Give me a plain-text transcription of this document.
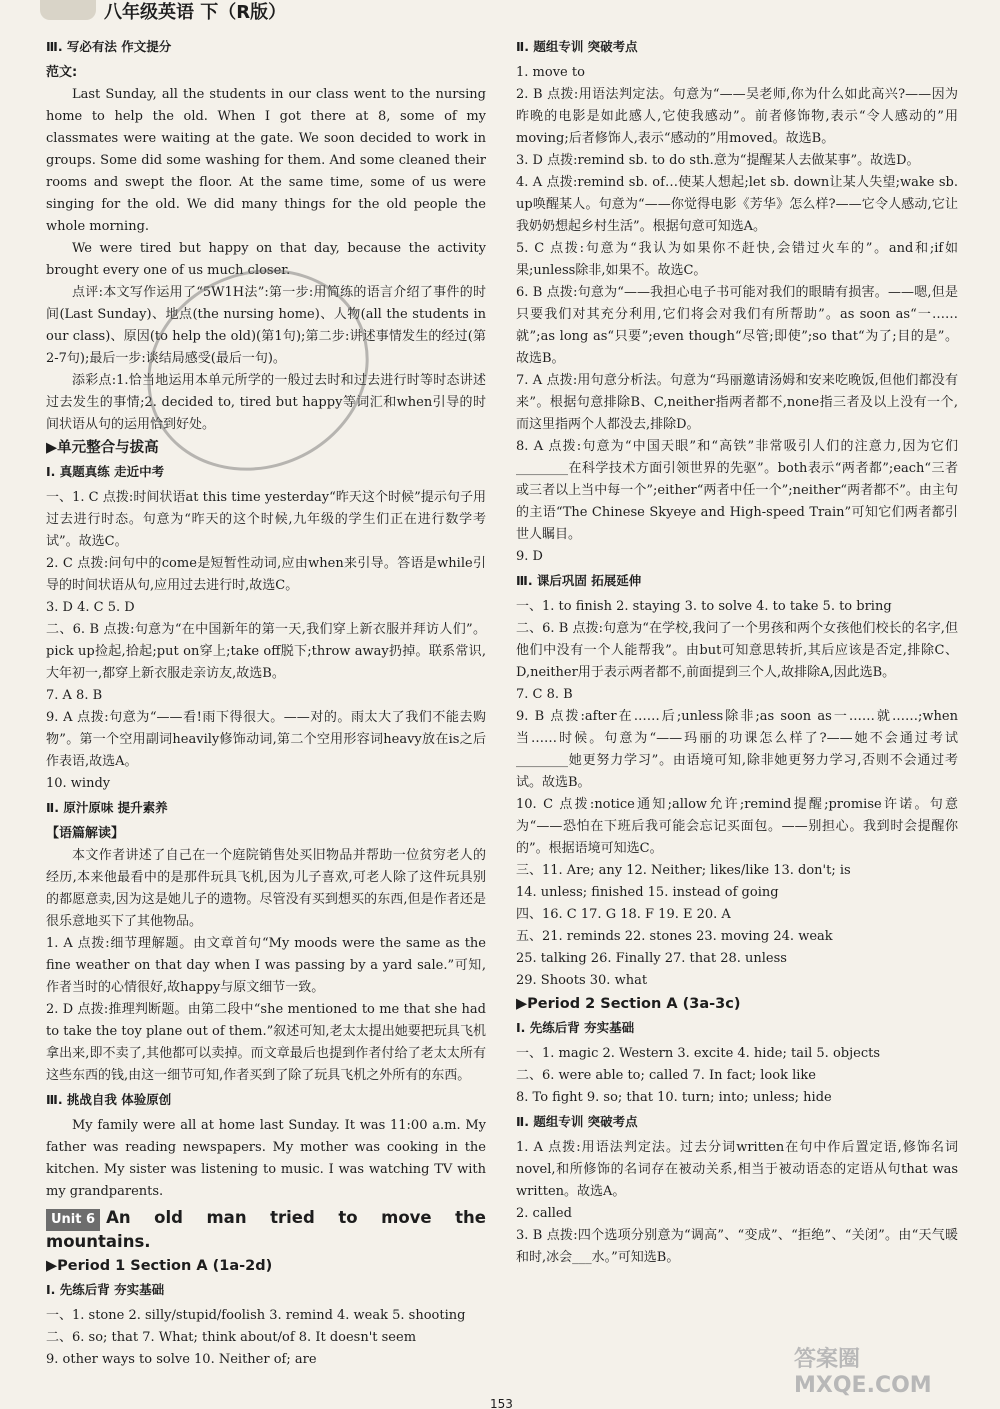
八年级英语 下（R版）

Ⅲ. 写必有法 作文提分

范文:

Last Sunday, all the students in our class went to the nursing home to help the old. When I got there at 8, some of my classmates were waiting at the gate. We soon decided to work in groups. Some did some washing for them. And some cleaned their rooms and swept the floor. At the same time, some of us were singing for the old. We did many things for the old people the whole morning.

We were tired but happy on that day, because the activity brought every one of us much closer.

点评:本文写作运用了“5W1H法”:第一步:用简练的语言介绍了事件的时间(Last Sunday)、地点(the nursing home)、人物(all the students in our class)、原因(to help the old)(第1句);第二步:讲述事情发生的经过(第2-7句);最后一步:谈结局感受(最后一句)。

添彩点:1.恰当地运用本单元所学的一般过去时和过去进行时等时态讲述过去发生的事情;2. decided to, tired but happy等词汇和when引导的时间状语从句的运用恰到好处。

▶单元整合与拔高

Ⅰ. 真题真练 走近中考

一、1. C 点拨:时间状语at this time yesterday“昨天这个时候”提示句子用过去进行时态。句意为“昨天的这个时候,九年级的学生们正在进行数学考试”。故选C。

2. C 点拨:问句中的come是短暂性动词,应由when来引导。答语是while引导的时间状语从句,应用过去进行时,故选C。

3. D 4. C 5. D

二、6. B 点拨:句意为“在中国新年的第一天,我们穿上新衣服并拜访人们”。pick up捡起,拾起;put on穿上;take off脱下;throw away扔掉。联系常识,大年初一,都穿上新衣服走亲访友,故选B。

7. A 8. B

9. A 点拨:句意为“——看!雨下得很大。——对的。雨太大了我们不能去购物”。第一个空用副词heavily修饰动词,第二个空用形容词heavy放在is之后作表语,故选A。

10. windy

Ⅱ. 原汁原味 提升素养

【语篇解读】

本文作者讲述了自己在一个庭院销售处买旧物品并帮助一位贫穷老人的经历,本来他最看中的是那件玩具飞机,因为儿子喜欢,可老人除了这件玩具别的都愿意卖,因为这是她儿子的遗物。尽管没有买到想买的东西,但是作者还是很乐意地买下了其他物品。

1. A 点拨:细节理解题。由文章首句“My moods were the same as the fine weather on that day when I was passing by a yard sale.”可知,作者当时的心情很好,故happy与原文细节一致。

2. D 点拨:推理判断题。由第二段中“she mentioned to me that she had to take the toy plane out of them.”叙述可知,老太太提出她要把玩具飞机拿出来,即不卖了,其他都可以卖掉。而文章最后也提到作者付给了老太太所有这些东西的钱,由这一细节可知,作者买到了除了玩具飞机之外所有的东西。

Ⅲ. 挑战自我 体验原创

My family were all at home last Sunday. It was 11:00 a.m. My father was reading newspapers. My mother was cooking in the kitchen. My sister was listening to music. I was watching TV with my grandparents.

Unit 6 An old man tried to move the mountains.

▶Period 1 Section A (1a-2d)

Ⅰ. 先练后背 夯实基础

一、1. stone 2. silly/stupid/foolish 3. remind 4. weak 5. shooting

二、6. so; that 7. What; think about/of 8. It doesn't seem

9. other ways to solve 10. Neither of; are

Ⅱ. 题组专训 突破考点

1. move to

2. B 点拨:用语法判定法。句意为“——吴老师,你为什么如此高兴?——因为昨晚的电影是如此感人,它使我感动”。前者修饰物,表示“令人感动的”用moving;后者修饰人,表示“感动的”用moved。故选B。

3. D 点拨:remind sb. to do sth.意为“提醒某人去做某事”。故选D。

4. A 点拨:remind sb. of…使某人想起;let sb. down让某人失望;wake sb. up唤醒某人。句意为“——你觉得电影《芳华》怎么样?——它令人感动,它让我奶奶想起乡村生活”。根据句意可知选A。

5. C 点拨:句意为“我认为如果你不赶快,会错过火车的”。and和;if如果;unless除非,如果不。故选C。

6. B 点拨:句意为“——我担心电子书可能对我们的眼睛有损害。——嗯,但是只要我们对其充分利用,它们将会对我们有所帮助”。as soon as“一……就”;as long as“只要”;even though“尽管;即使”;so that“为了;目的是”。故选B。

7. A 点拨:用句意分析法。句意为“玛丽邀请汤姆和安来吃晚饭,但他们都没有来”。根据句意排除B、C,neither指两者都不,none指三者及以上没有一个,而这里指两个人都没去,排除D。

8. A 点拨:句意为“中国天眼”和“高铁”非常吸引人们的注意力,因为它们________在科学技术方面引领世界的先驱”。both表示“两者都”;each“三者或三者以上当中每一个”;either“两者中任一个”;neither“两者都不”。由主句的主语“The Chinese Skyeye and High-speed Train”可知它们两者都引世人瞩目。

9. D

Ⅲ. 课后巩固 拓展延伸

一、1. to finish 2. staying 3. to solve 4. to take 5. to bring

二、6. B 点拨:句意为“在学校,我问了一个男孩和两个女孩他们校长的名字,但他们中没有一个人能帮我”。由but可知意思转折,其后应该是否定,排除C、D,neither用于表示两者都不,前面提到三个人,故排除A,因此选B。

7. C 8. B

9. B 点拨:after在……后;unless除非;as soon as一……就……;when当……时候。句意为“——玛丽的功课怎么样了?——她不会通过考试________她更努力学习”。由语境可知,除非她更努力学习,否则不会通过考试。故选B。

10. C 点拨:notice通知;allow允许;remind提醒;promise许诺。句意为“——恐怕在下班后我可能会忘记买面包。——别担心。我到时会提醒你的”。根据语境可知选C。

三、11. Are; any 12. Neither; likes/like 13. don't; is

14. unless; finished 15. instead of going

四、16. C 17. G 18. F 19. E 20. A

五、21. reminds 22. stones 23. moving 24. weak

25. talking 26. Finally 27. that 28. unless

29. Shoots 30. what

▶Period 2 Section A (3a-3c)

Ⅰ. 先练后背 夯实基础

一、1. magic 2. Western 3. excite 4. hide; tail 5. objects

二、6. were able to; called 7. In fact; look like

8. To fight 9. so; that 10. turn; into; unless; hide

Ⅱ. 题组专训 突破考点

1. A 点拨:用语法判定法。过去分词written在句中作后置定语,修饰名词novel,和所修饰的名词存在被动关系,相当于被动语态的定语从句that was written。故选A。

2. called

3. B 点拨:四个选项分别意为“调高”、“变成”、“拒绝”、“关闭”。由“天气暖和时,冰会___水。”可知选B。

答案圈 MXQE.COM
153
